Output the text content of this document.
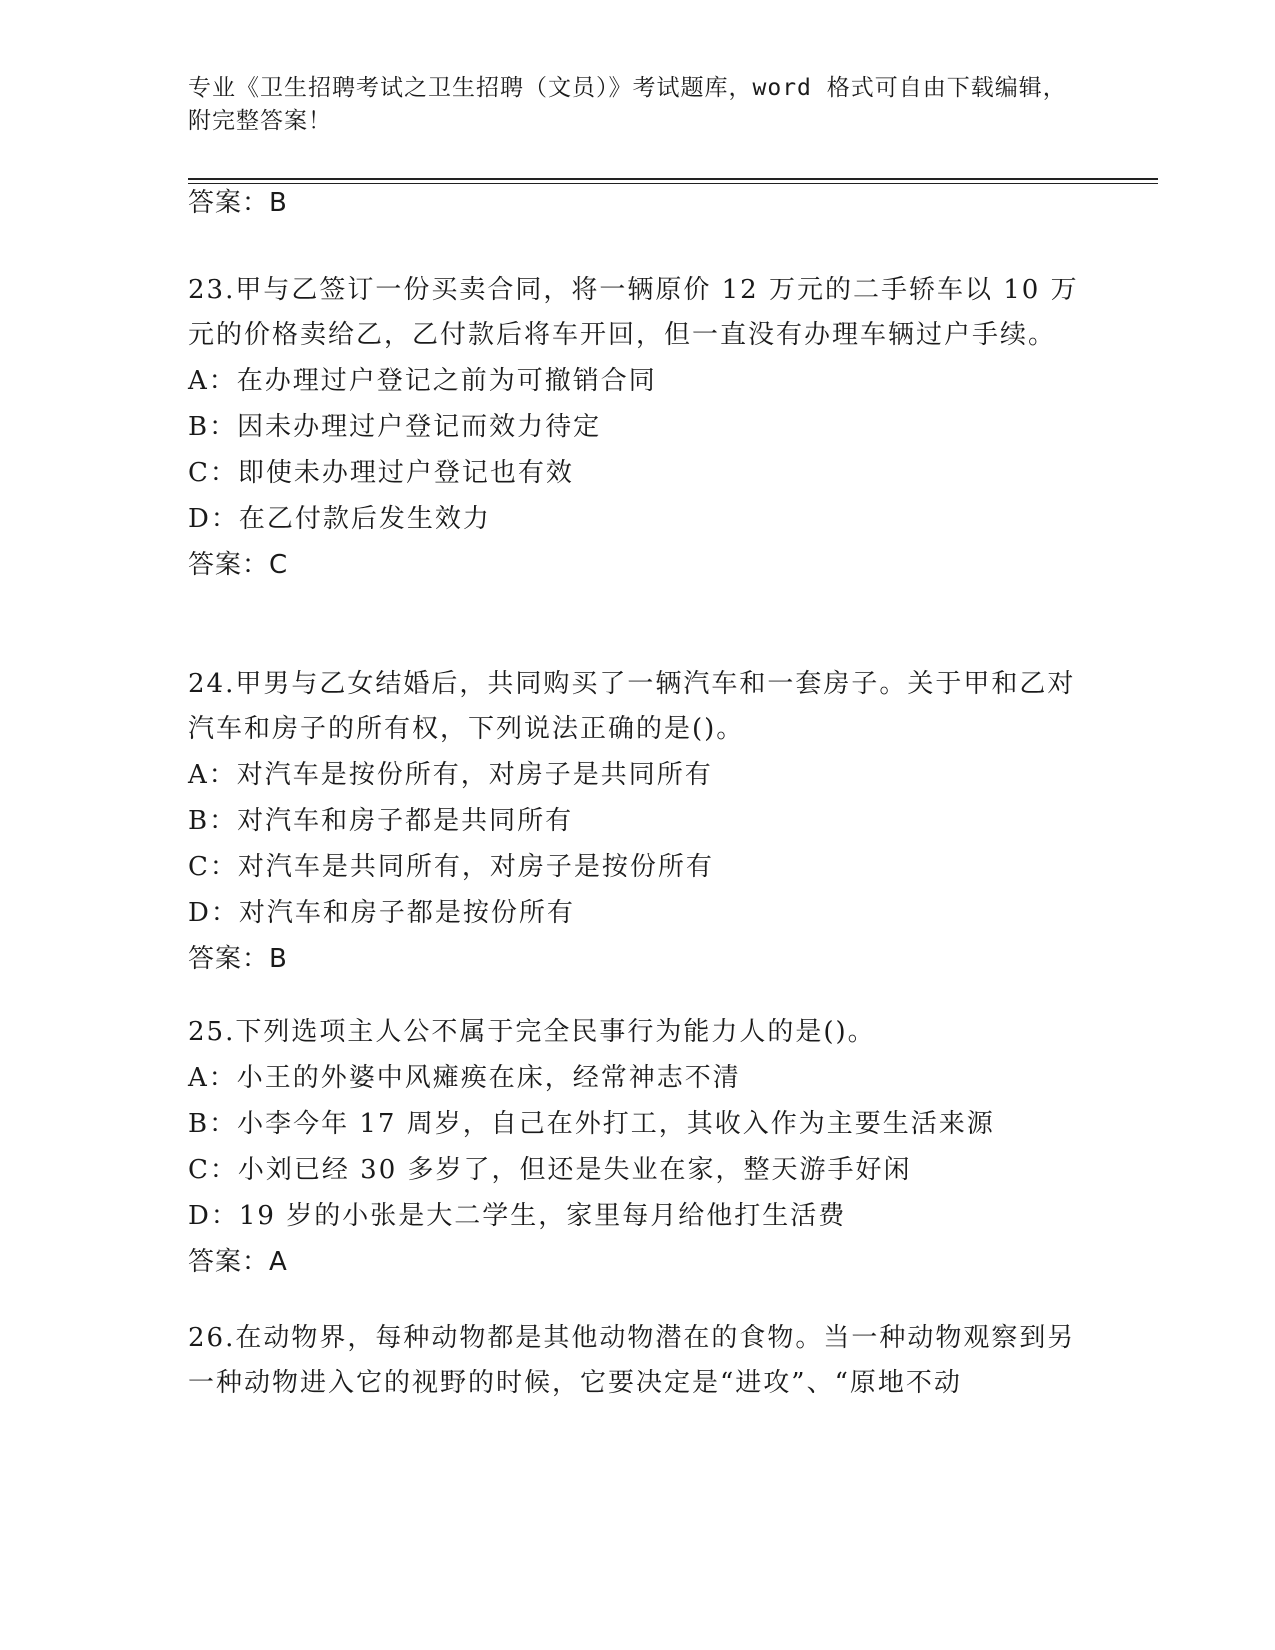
专业《卫生招聘考试之卫生招聘（文员）》考试题库，word 格式可自由下载编辑，附完整答案！
答案：B

23.甲与乙签订一份买卖合同，将一辆原价 12 万元的二手轿车以 10 万元的价格卖给乙，乙付款后将车开回，但一直没有办理车辆过户手续。

A：在办理过户登记之前为可撤销合同

B：因未办理过户登记而效力待定

C：即使未办理过户登记也有效

D：在乙付款后发生效力

答案：C

24.甲男与乙女结婚后，共同购买了一辆汽车和一套房子。关于甲和乙对汽车和房子的所有权，下列说法正确的是()。

A：对汽车是按份所有，对房子是共同所有

B：对汽车和房子都是共同所有

C：对汽车是共同所有，对房子是按份所有

D：对汽车和房子都是按份所有

答案：B

25.下列选项主人公不属于完全民事行为能力人的是()。

A：小王的外婆中风瘫痪在床，经常神志不清

B：小李今年 17 周岁，自己在外打工，其收入作为主要生活来源

C：小刘已经 30 多岁了，但还是失业在家，整天游手好闲

D：19 岁的小张是大二学生，家里每月给他打生活费

答案：A

26.在动物界，每种动物都是其他动物潜在的食物。当一种动物观察到另一种动物进入它的视野的时候，它要决定是“进攻”、“原地不动
